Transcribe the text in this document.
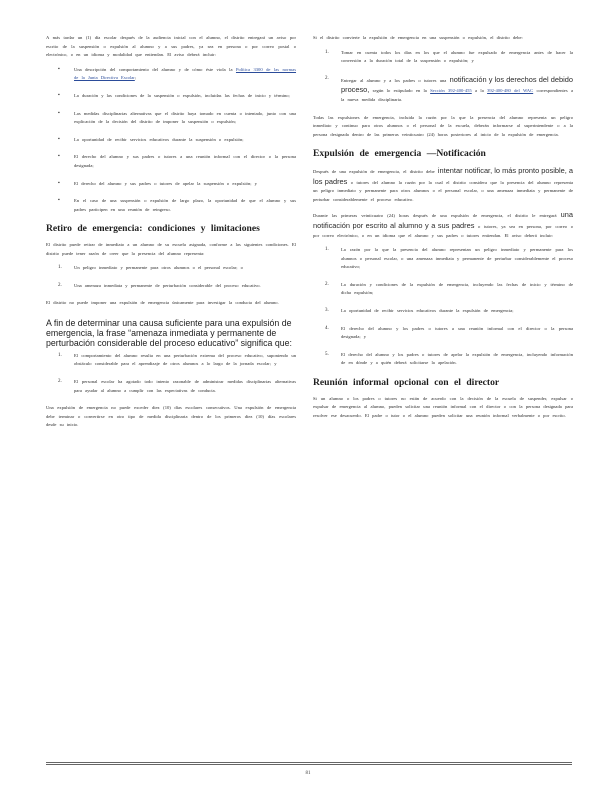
A más tardar un (1) día escolar después de la audiencia inicial con el alumno, el distrito entregará un aviso por escrito de la suspensión o expulsión al alumno y a sus padres, ya sea en persona o por correo postal o electrónico, o en un idioma y modalidad que entiendan. El aviso deberá incluir:

▪	Una descripción del comportamiento del alumno y de cómo éste viola la Política 3300 de las normas de la Junta Directiva Escolar;
▪	La duración y las condiciones de la suspensión o expulsión, incluidas las fechas de inicio y término;
▪	Las medidas disciplinarias alternativas que el distrito haya tomado en cuenta o intentado, junto con una explicación de la decisión del distrito de imponer la suspensión o expulsión;
▪	La oportunidad de recibir servicios educativos durante la suspensión o expulsión;
▪	El derecho del alumno y sus padres o tutores a una reunión informal con el director o la persona designada;
▪	El derecho del alumno y sus padres o tutores de apelar la suspensión o expulsión; y
▪	En el caso de una suspensión o expulsión de largo plazo, la oportunidad de que el alumno y sus padres participen en una reunión de reingreso.
Retiro de emergencia: condiciones y limitaciones

El distrito puede retirar de inmediato a un alumno de su escuela asignada, conforme a las siguientes condiciones. El distrito puede tener razón de creer que la presencia del alumno representa:

1.	Un peligro inmediato y permanente para otros alumnos o el personal escolar; o
2.	Una amenaza inmediata y permanente de perturbación considerable del proceso educativo.

El distrito no puede imponer una expulsión de emergencia únicamente para investigar la conducta del alumno.

A fin de determinar una causa suficiente para una expulsión de emergencia, la frase “amenaza inmediata y permanente de perturbación considerable del proceso educativo” significa que:
1.	El comportamiento del alumno resulta en una perturbación extrema del proceso educativo, suponiendo un obstáculo considerable para el aprendizaje de otros alumnos a lo largo de la jornada escolar; y
2.	El personal escolar ha agotado todo intento razonable de administrar medidas disciplinarias alternativas para ayudar al alumno a cumplir con las expectativas de conducta.

Una expulsión de emergencia no puede exceder diez (10) días escolares consecutivos. Una expulsión de emergencia debe terminar o convertirse en otro tipo de medida disciplinaria dentro de los primeros diez (10) días escolares desde su inicio.

Si el distrito convierte la expulsión de emergencia en una suspensión o expulsión, el distrito debe:

1.	Tomar en cuenta todos los días en los que el alumno fue expulsado de emergencia antes de hacer la conversión a la duración total de la suspensión o expulsión; y
2.	Entregar al alumno y a los padres o tutores una notificación y los derechos del debido proceso, según lo estipulado en la Sección 392-400-455 a la 392-400-480 del WAC correspondientes a la nueva medida disciplinaria.

Todas las expulsiones de emergencia, incluida la razón por la que la presencia del alumno representa un peligro inmediato y continuo para otros alumnos o el personal de la escuela, deberán informarse al superintendente o a la persona designada dentro de las primeras veinticuatro (24) horas posteriores al inicio de la expulsión de emergencia.

Expulsión de emergencia —Notificación

Después de una expulsión de emergencia, el distrito debe intentar notificar, lo más pronto posible, a los padres o tutores del alumno la razón por la cual el distrito considera que la presencia del alumno representa un peligro inmediato y permanente para otros alumnos o el personal escolar, o una amenaza inmediata y permanente de perturbar considerablemente el proceso educativo.

Durante las primeras veinticuatro (24) horas después de una expulsión de emergencia, el distrito le entregará una notificación por escrito al alumno y a sus padres o tutores, ya sea en persona, por correo o por correo electrónico, o en un idioma que el alumno y sus padres o tutores entiendan. El aviso deberá incluir:

1.	La razón por la que la presencia del alumno representan un peligro inmediato y permanente para los alumnos o personal escolar, o una amenaza inmediata y permanente de perturbar considerablemente el proceso educativo;
2.	La duración y condiciones de la expulsión de emergencia, incluyendo las fechas de inicio y término de dicha expulsión;
3.	La oportunidad de recibir servicios educativos durante la expulsión de emergencia;
4.	El derecho del alumno y los padres o tutores a una reunión informal con el director o la persona designada; y
5.	El derecho del alumno y los padres o tutores de apelar la expulsión de emergencia, incluyendo información de en dónde y a quién deberá solicitarse la apelación.
Reunión informal opcional con el director

Si un alumno o los padres o tutores no están de acuerdo con la decisión de la escuela de suspender, expulsar o expulsar de emergencia al alumno, pueden solicitar una reunión informal con el director o con la persona designada para resolver ese desacuerdo. El padre o tutor o el alumno pueden solicitar una reunión informal verbalmente o por escrito.

81
